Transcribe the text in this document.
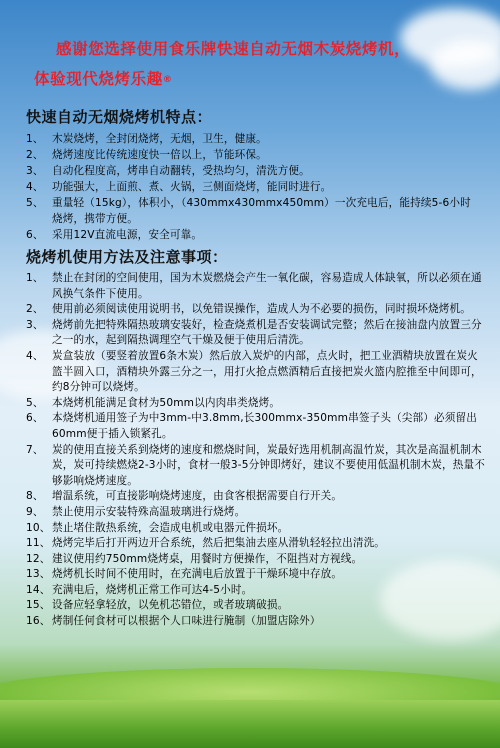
感谢您选择使用食乐牌快速自动无烟木炭烧烤机，
体验现代烧烤乐趣®
快速自动无烟烧烤机特点：
1、 木炭烧烤，全封闭烧烤，无烟，卫生，健康。
2、 烧烤速度比传统速度快一倍以上，节能环保。
3、 自动化程度高，烤串自动翻转，受热均匀，清洗方便。
4、 功能强大，上面煎、煮、火锅，三侧面烧烤，能同时进行。
5、 重量轻（15kg），体积小，（430mmx430mmx450mm）一次充电后，能持续5-6小时烧烤，携带方便。
6、 采用12V直流电源，安全可靠。
烧烤机使用方法及注意事项：
1、 禁止在封闭的空间使用，国为木炭燃烧会产生一氧化碳，容易造成人体缺氧，所以必须在通风换气条件下使用。
2、 使用前必须阅读使用说明书，以免错误操作，造成人为不必要的损伤，同时损坏烧烤机。
3、 烧烤前先把特殊隔热玻璃安装好，检查烧煮机是否安装调试完整；然后在接油盘内放置三分之一的水，起到隔热调理空气干燥及便于使用后清洗。
4、 炭盒装放（要竖着放置6条木炭）然后放入炭炉的内部，点火时，把工业酒精块放置在炭火篮半圆入口，酒精块外露三分之一，用打火抢点燃酒精后直接把炭火篮内腔推至中间即可，约8分钟可以烧烤。
5、 本烧烤机能满足食材为50mm以内肉串类烧烤。
6、 本烧烤机通用签子为中3mm-中3.8mm,长300mmx-350mm串签子头（尖部）必须留出60mm便于插入锁紧孔。
7、 炭的使用直接关系到烧烤的速度和燃烧时间，炭最好选用机制高温竹炭，其次是高温机制木炭，炭可持续燃烧2-3小时，食材一般3-5分钟即烤好，建议不要使用低温机制木炭，热量不够影响烧烤速度。
8、 增温系统，可直接影响烧烤速度，由食客根据需要自行开关。
9、 禁止使用示安装特殊高温玻璃进行烧烤。
10、 禁止堵住散热系统，会造成电机或电器元件损坏。
11、 烧烤完毕后打开两边开合系统，然后把集油去座从滑轨轻轻拉出清洗。
12、 建议使用约750mm烧烤桌，用餐时方便操作，不阻挡对方视线。
13、 烧烤机长时间不使用时，在充满电后放置于干燥环境中存放。
14、 充满电后，烧烤机正常工作可达4-5小时。
15、 设备应轻拿轻放，以免机芯错位，或者玻璃破损。
16、 烤制任何食材可以根据个人口味进行腌制（加盟店除外）
